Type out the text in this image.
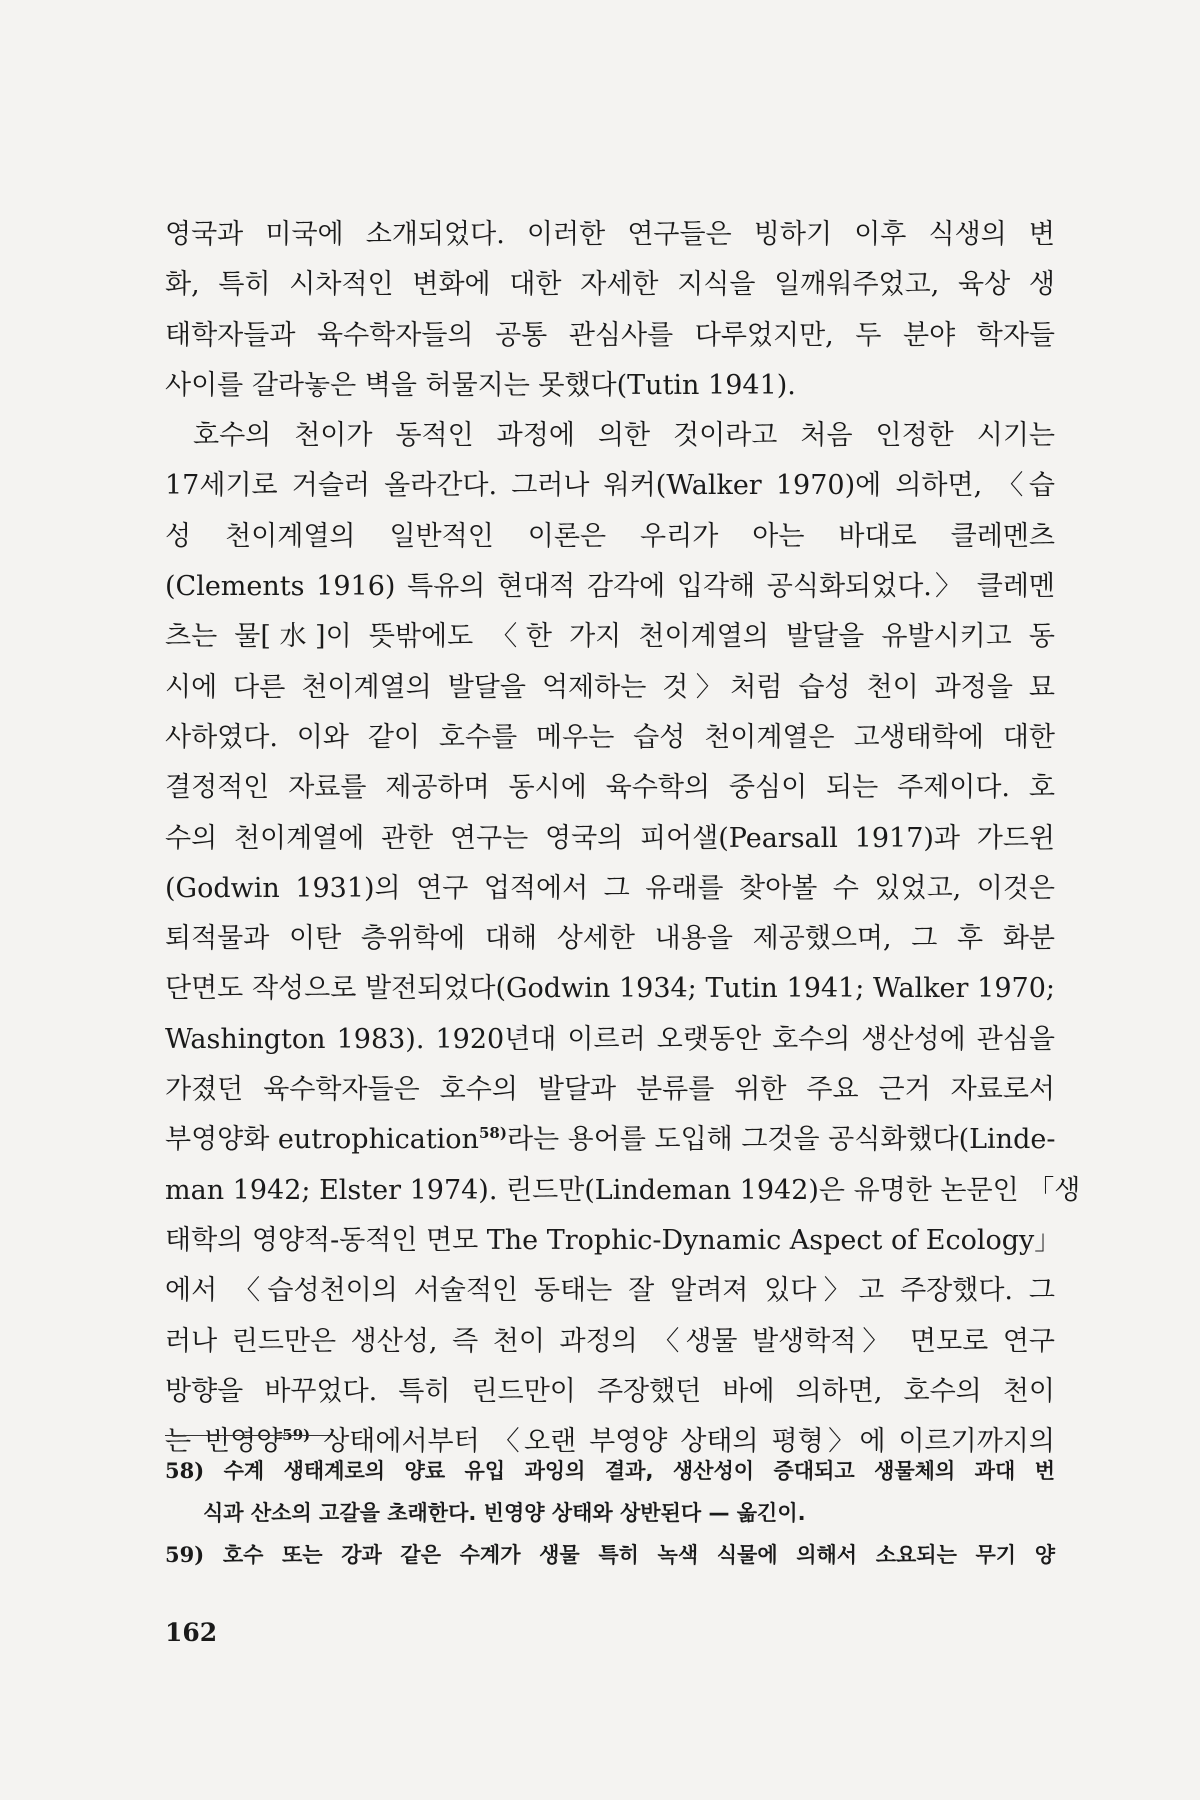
영국과 미국에 소개되었다. 이러한 연구들은 빙하기 이후 식생의 변
화, 특히 시차적인 변화에 대한 자세한 지식을 일깨워주었고, 육상 생
태학자들과 육수학자들의 공통 관심사를 다루었지만, 두 분야 학자들
사이를 갈라놓은 벽을 허물지는 못했다(Tutin 1941).
호수의 천이가 동적인 과정에 의한 것이라고 처음 인정한 시기는
17세기로 거슬러 올라간다. 그러나 워커(Walker 1970)에 의하면, 〈습
성 천이계열의 일반적인 이론은 우리가 아는 바대로 클레멘츠
(Clements 1916) 특유의 현대적 감각에 입각해 공식화되었다.〉 클레멘
츠는 물[水]이 뜻밖에도 〈한 가지 천이계열의 발달을 유발시키고 동
시에 다른 천이계열의 발달을 억제하는 것〉처럼 습성 천이 과정을 묘
사하였다. 이와 같이 호수를 메우는 습성 천이계열은 고생태학에 대한
결정적인 자료를 제공하며 동시에 육수학의 중심이 되는 주제이다. 호
수의 천이계열에 관한 연구는 영국의 피어샐(Pearsall 1917)과 가드윈
(Godwin 1931)의 연구 업적에서 그 유래를 찾아볼 수 있었고, 이것은
퇴적물과 이탄 층위학에 대해 상세한 내용을 제공했으며, 그 후 화분
단면도 작성으로 발전되었다(Godwin 1934; Tutin 1941; Walker 1970;
Washington 1983). 1920년대 이르러 오랫동안 호수의 생산성에 관심을
가졌던 육수학자들은 호수의 발달과 분류를 위한 주요 근거 자료로서
부영양화 eutrophication$^{58)}$라는 용어를 도입해 그것을 공식화했다(Linde-
man 1942; Elster 1974). 린드만(Lindeman 1942)은 유명한 논문인 「생
태학의 영양적-동적인 면모 The Trophic-Dynamic Aspect of Ecology」
에서 〈습성천이의 서술적인 동태는 잘 알려져 있다〉고 주장했다. 그
러나 린드만은 생산성, 즉 천이 과정의 〈생물 발생학적〉 면모로 연구
방향을 바꾸었다. 특히 린드만이 주장했던 바에 의하면, 호수의 천이
는 빈영양$^{59)}$ 상태에서부터 〈오랜 부영양 상태의 평형〉에 이르기까지의
58) 수계 생태계로의 양료 유입 과잉의 결과, 생산성이 증대되고 생물체의 과대 번
식과 산소의 고갈을 초래한다. 빈영양 상태와 상반된다 — 옮긴이.
59) 호수 또는 강과 같은 수계가 생물 특히 녹색 식물에 의해서 소요되는 무기 양
162
